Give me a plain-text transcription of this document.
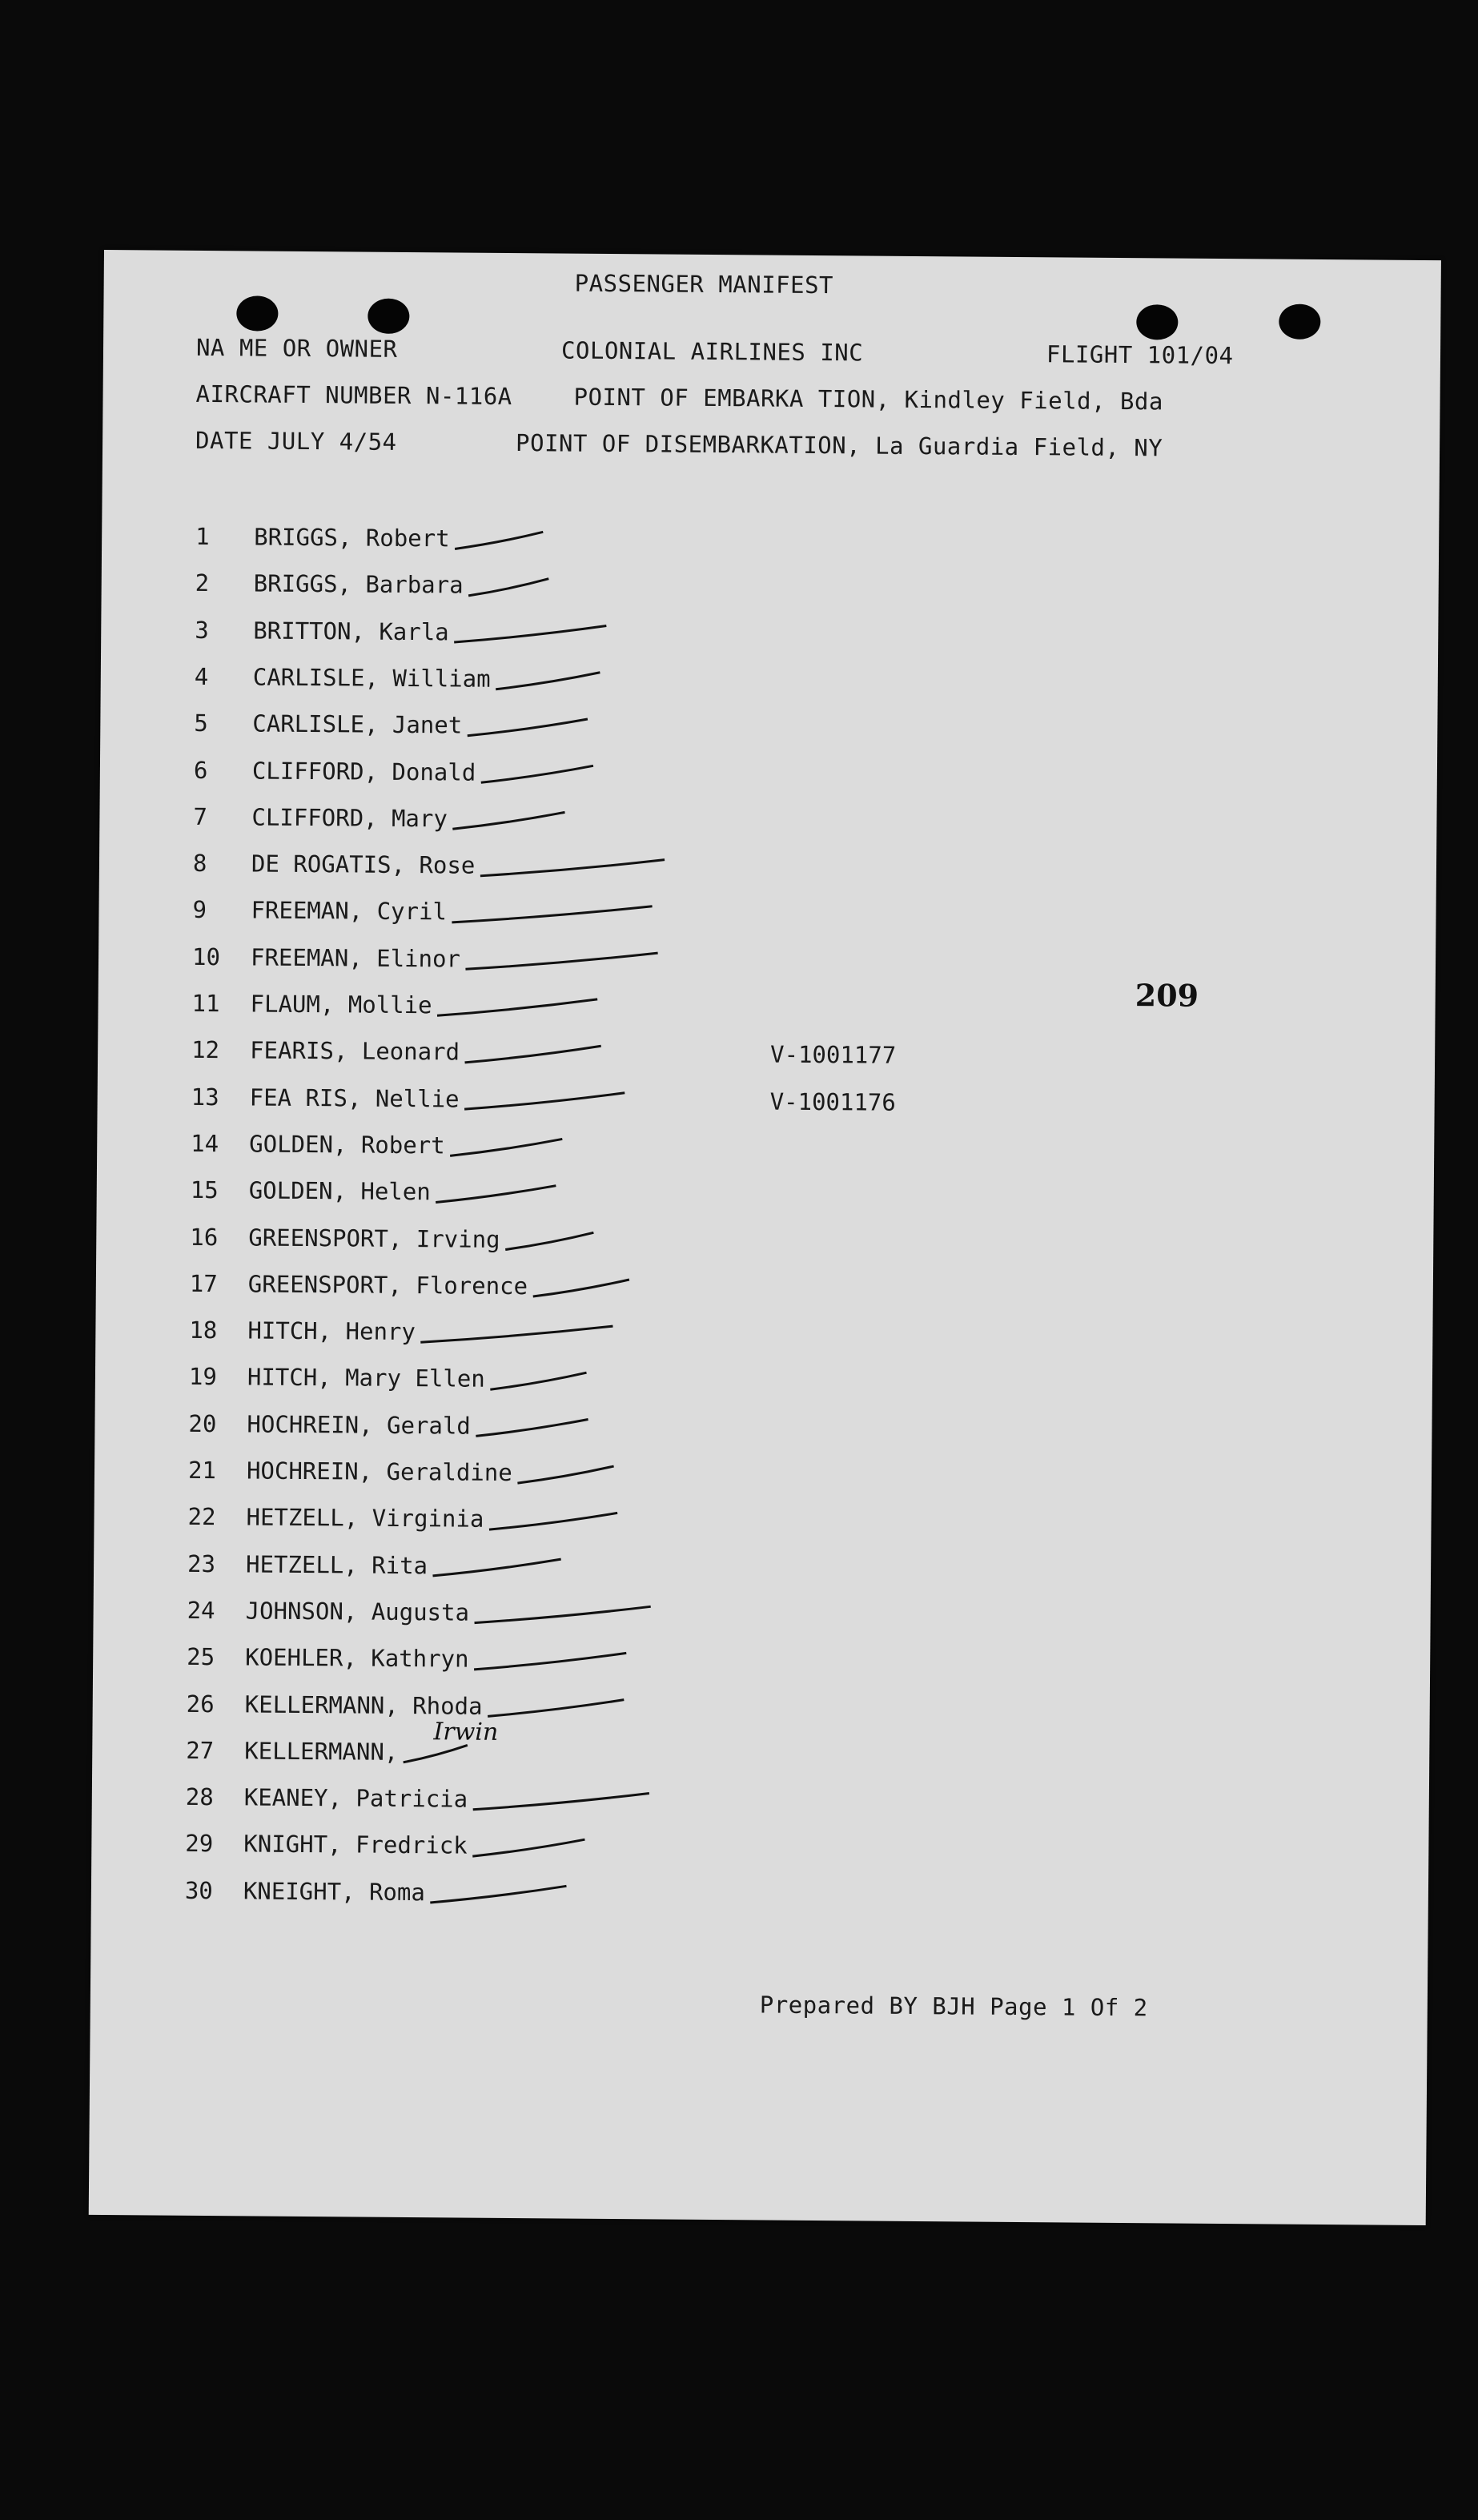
PASSENGER MANIFEST
NA ME OR OWNER	COLONIAL AIRLINES INC	FLIGHT 101/04
AIRCRAFT NUMBER N-116A	POINT OF EMBARKA TION, Kindley Field, Bda
DATE JULY 4/54	POINT OF DISEMBARKATION, La Guardia Field, NY
209
1 BRIGGS, Robert
2 BRIGGS, Barbara
3 BRITTON, Karla
4 CARLISLE, William
5 CARLISLE, Janet
6 CLIFFORD, Donald
7 CLIFFORD, Mary
8 DE ROGATIS, Rose
9 FREEMAN, Cyril
10 FREEMAN, Elinor
11 FLAUM, Mollie
12 FEARIS, Leonard	V-1001177
13 FEA RIS, Nellie	V-1001176
14 GOLDEN, Robert
15 GOLDEN, Helen
16 GREENSPORT, Irving
17 GREENSPORT, Florence
18 HITCH, Henry
19 HITCH, Mary Ellen
20 HOCHREIN, Gerald
21 HOCHREIN, Geraldine
22 HETZELL, Virginia
23 HETZELL, Rita
24 JOHNSON, Augusta
25 KOEHLER, Kathryn
26 KELLERMANN, Rhoda
27 KELLERMANN,
28 KEANEY, Patricia
29 KNIGHT, Fredrick
30 KNEIGHT, Roma
Irwin
Prepared BY BJH Page 1 Of 2
